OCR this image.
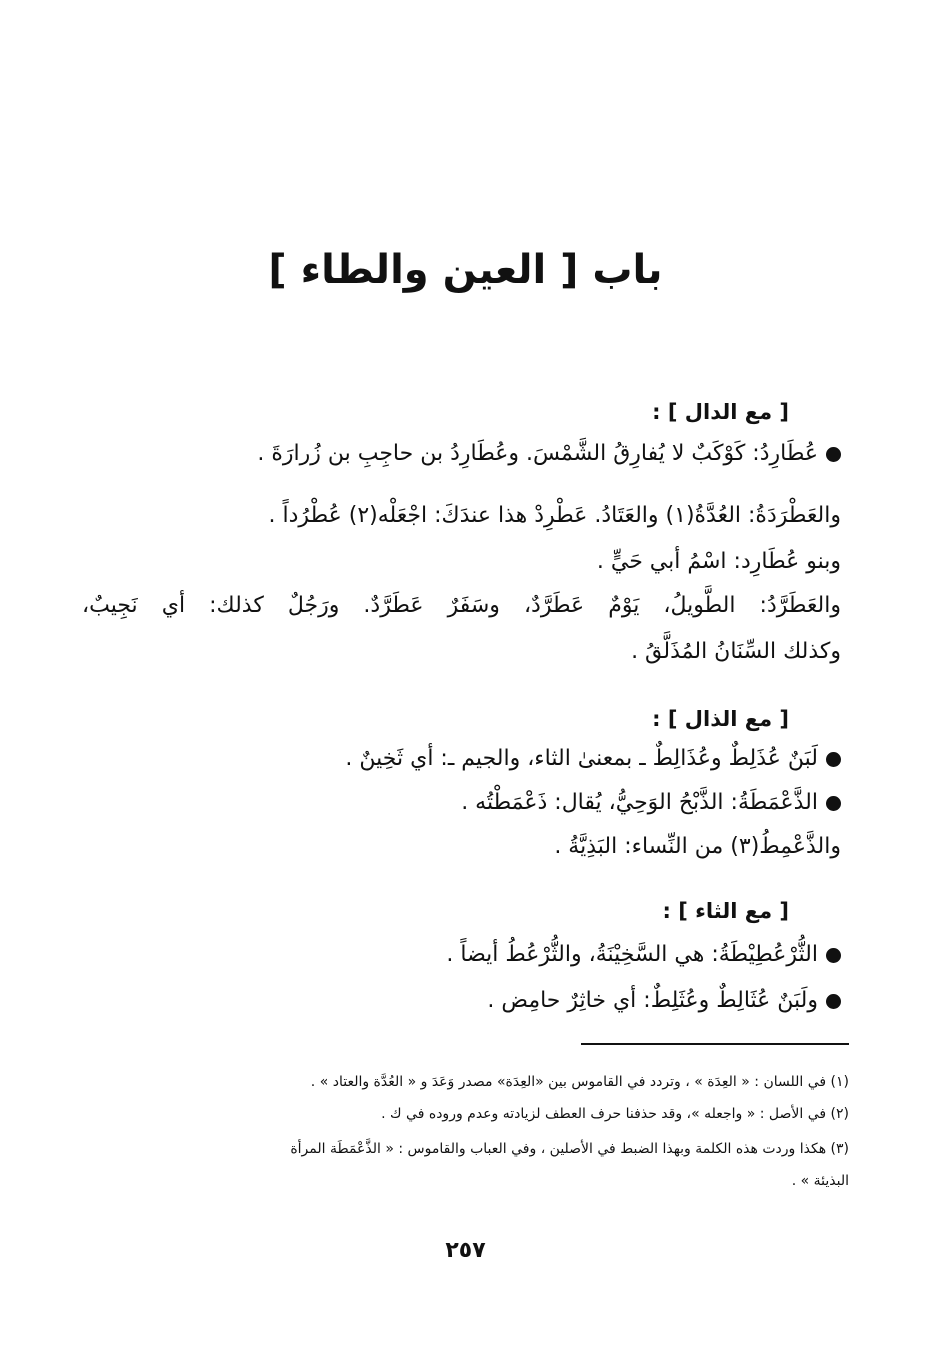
باب [ العين والطاء ]
[ مع الدال ] :
عُطَارِدُ: كَوْكَبٌ لا يُفارِقُ الشَّمْسَ. وعُطَارِدُ بن حاجِبِ بن زُرارَةَ .
والعَطْرَدَةُ: العُدَّةُ(١) والعَتَادُ. عَطْرِدْ هذا عندَكَ: اجْعَلْه(٢) عُطْرُداً .
وبنو عُطَارِد: اسْمُ أبي حَيٍّ .
والعَطَرَّدُ: الطَّويلُ، يَوْمٌ عَطَرَّدٌ، وسَفَرٌ عَطَرَّدٌ. ورَجُلٌ كذلك: أي نَجِيبٌ،
وكذلك السِّنَانُ المُذَلَّقُ .
[ مع الذال ] :
لَبَنٌ عُذَلِطٌ وعُذَالِطٌ ـ بمعنىٰ الثاء، والجيم ـ: أي ثَخِينٌ .
الذَّعْمَطَةُ: الذَّبْحُ الوَحِيُّ، يُقال: ذَعْمَطْتُه .
والذَّعْمِطُ(٣) من النِّساء: البَذِيَّةُ .
[ مع الثاء ] :
الثُّرْعُطِيْطَةُ: هي السَّخِيْنَةُ، والثُّرْعُطُ أيضاً .
ولَبَنٌ عُثَالِطٌ وعُثَلِطٌ: أي خاثِرٌ حامِض .
(١) في اللسان : « العِدَة » ، وتردد في القاموس بين «العِدَة» مصدر وَعَدَ و « العُدَّة والعتاد » .
(٢) في الأصل : « واجعله »، وقد حذفنا حرف العطف لزيادته وعدم وروده في ك .
(٣) هكذا وردت هذه الكلمة وبهذا الضبط في الأصلين ، وفي العباب والقاموس : « الذَّعْمَطَة المرأة
البذيئة » .
٢٥٧
